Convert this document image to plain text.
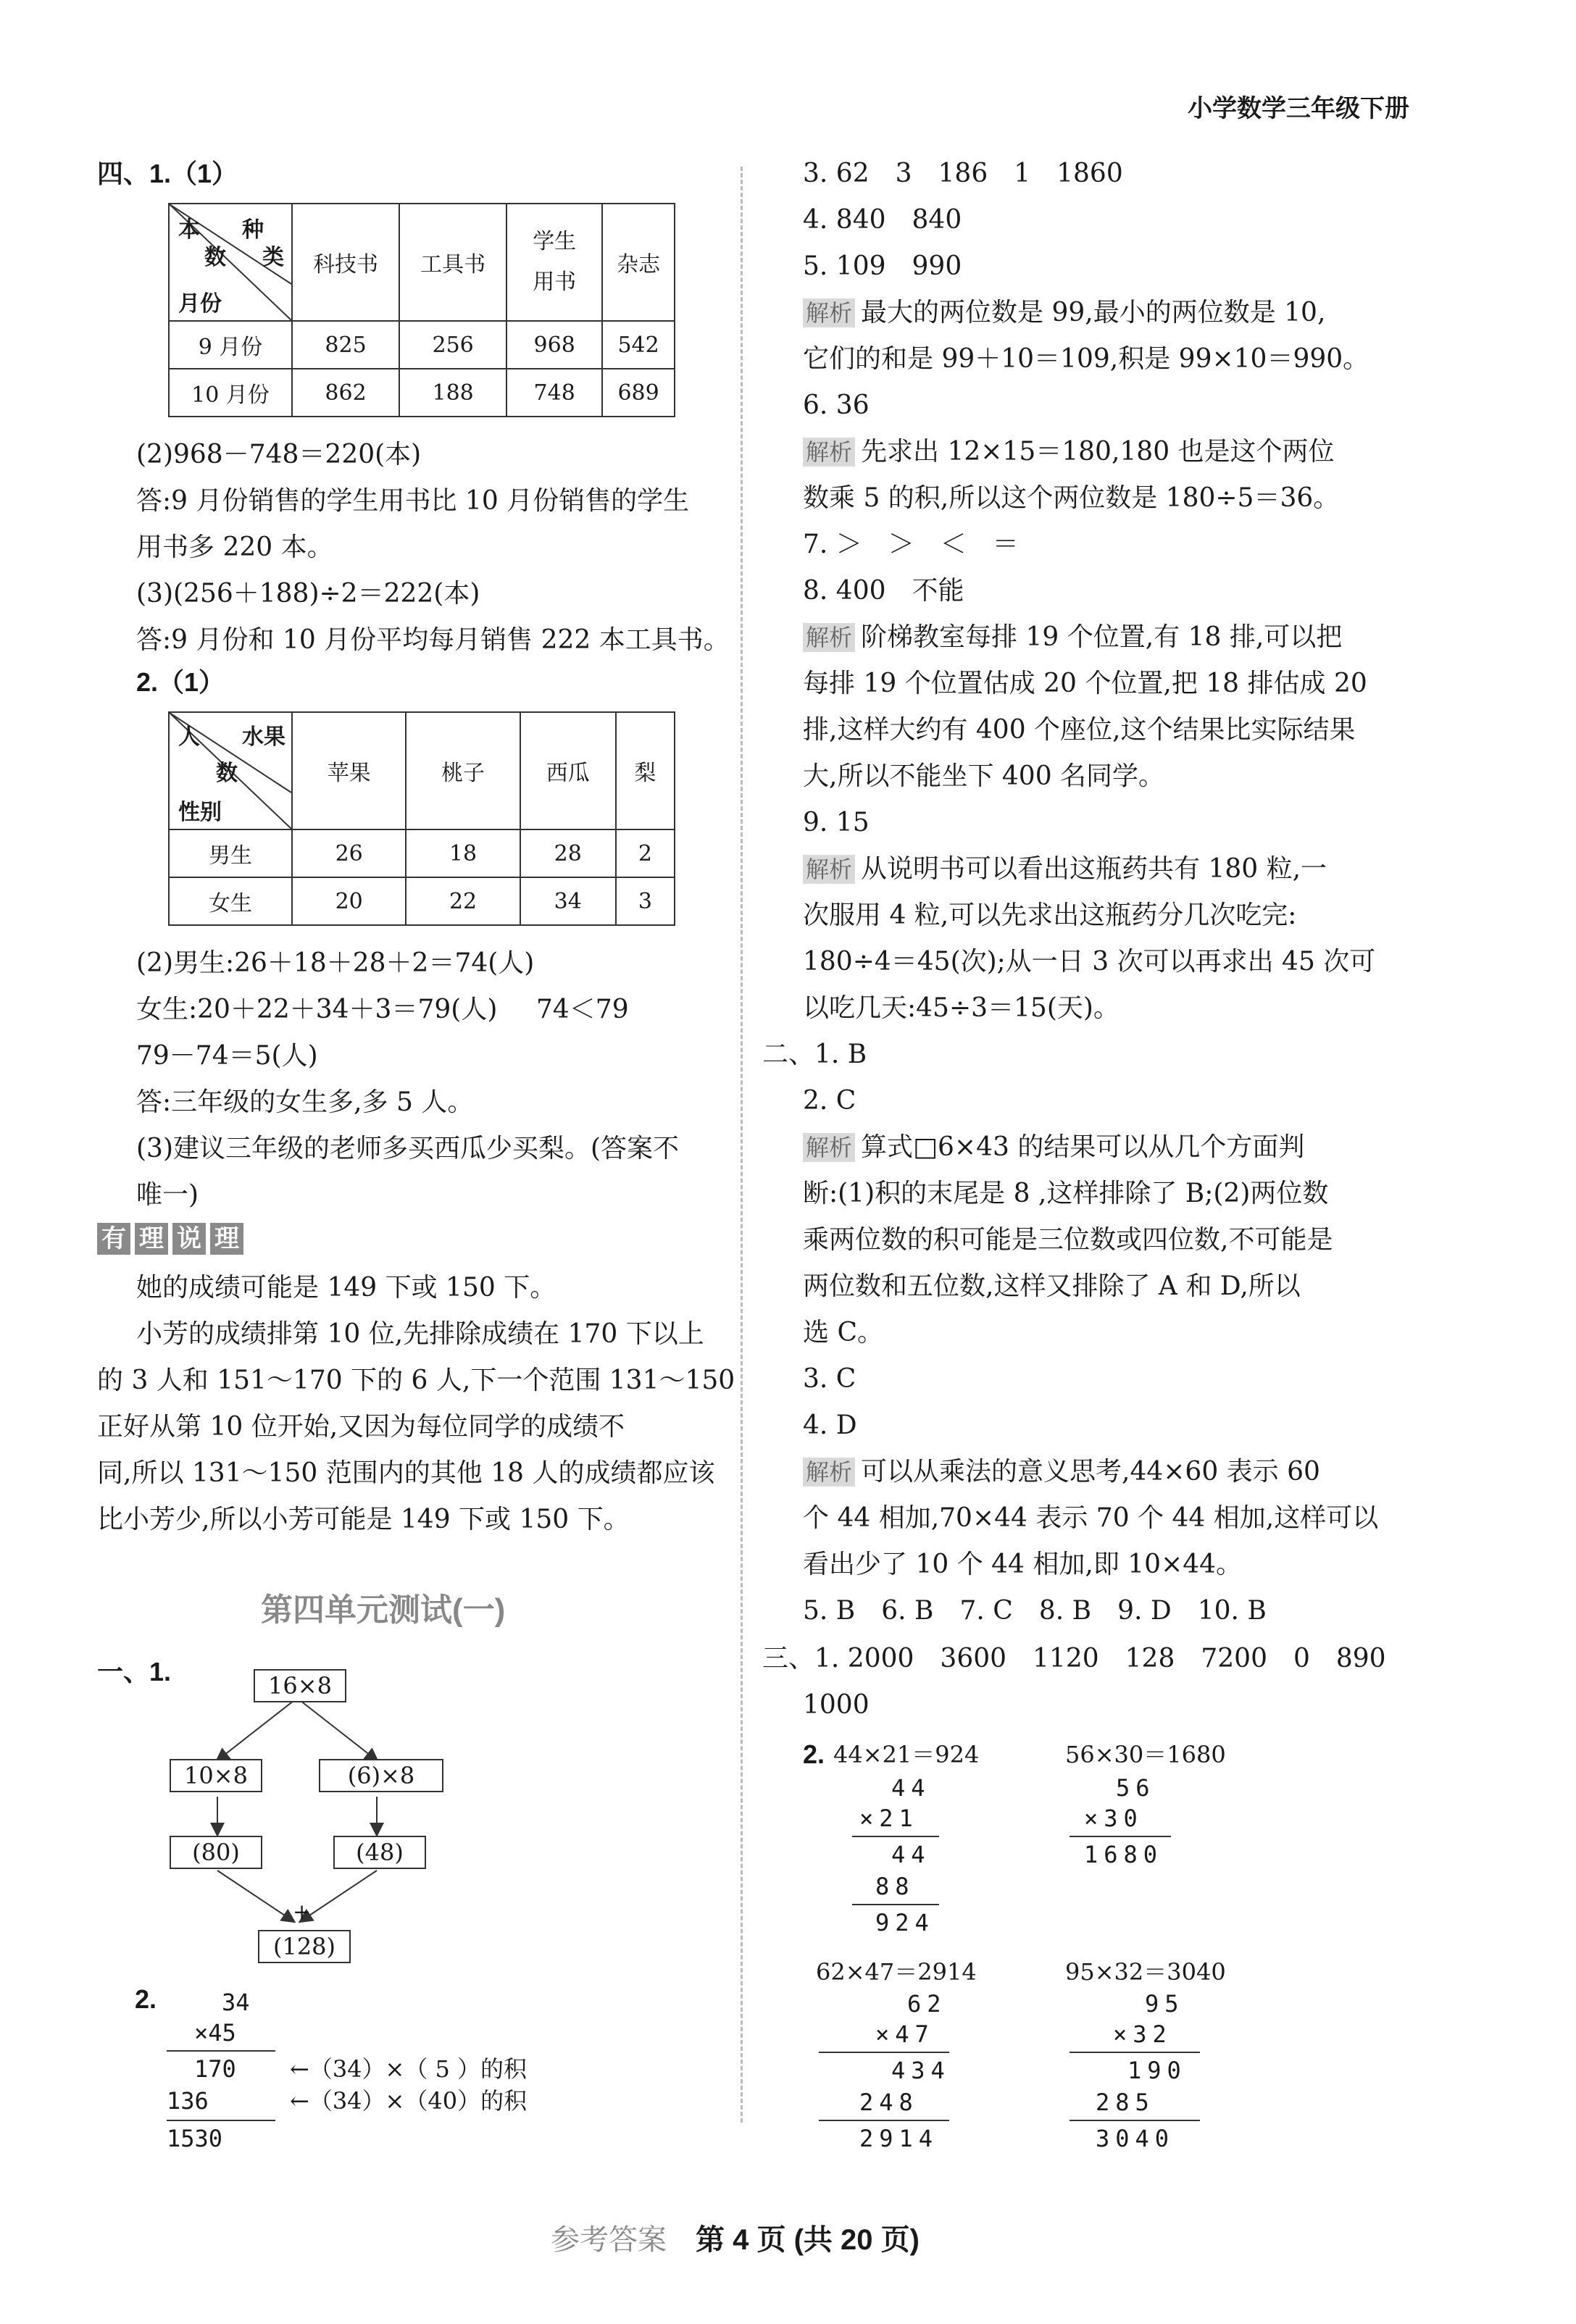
小学数学三年级下册
四、1.（1）
本 种
数 类
月份	科技书	工具书	学生用书	杂志
9 月份	825	256	968	542
10 月份	862	188	748	689
(2)968－748＝220(本)
答:9 月份销售的学生用书比 10 月份销售的学生
用书多 220 本。
(3)(256＋188)÷2＝222(本)
答:9 月份和 10 月份平均每月销售 222 本工具书。
2.（1）
人 水果
数
性别	苹果	桃子	西瓜	梨
男生	26	18	28	2
女生	20	22	34	3
(2)男生:26＋18＋28＋2＝74(人)
女生:20＋22＋34＋3＝79(人) 74＜79
79－74＝5(人)
答:三年级的女生多,多 5 人。
(3)建议三年级的老师多买西瓜少买梨。(答案不
唯一)
有 理 说 理
她的成绩可能是 149 下或 150 下。
小芳的成绩排第 10 位,先排除成绩在 170 下以上
的 3 人和 151～170 下的 6 人,下一个范围 131～150
正好从第 10 位开始,又因为每位同学的成绩不
同,所以 131～150 范围内的其他 18 人的成绩都应该
比小芳少,所以小芳可能是 149 下或 150 下。
第四单元测试(一)
一、1.	16×8
10×8	(6)×8
(80)	(48)
+
(128)
2.	34
×45
170
136
1530
←（34）×（ 5 ）的积
←（34）×（40）的积
3. 62　3　186　1　1860
4. 840　840
5. 109　990
解析 最大的两位数是 99,最小的两位数是 10,
它们的和是 99＋10＝109,积是 99×10＝990。
6. 36
解析 先求出 12×15＝180,180 也是这个两位
数乘 5 的积,所以这个两位数是 180÷5＝36。
7. ＞　＞　＜　＝
8. 400　不能
解析 阶梯教室每排 19 个位置,有 18 排,可以把
每排 19 个位置估成 20 个位置,把 18 排估成 20
排,这样大约有 400 个座位,这个结果比实际结果
大,所以不能坐下 400 名同学。
9. 15
解析 从说明书可以看出这瓶药共有 180 粒,一
次服用 4 粒,可以先求出这瓶药分几次吃完:
180÷4＝45(次);从一日 3 次可以再求出 45 次可
以吃几天:45÷3＝15(天)。
二、1. B
2. C
解析 算式□6×43 的结果可以从几个方面判
断:(1)积的末尾是 8 ,这样排除了 B;(2)两位数
乘两位数的积可能是三位数或四位数,不可能是
两位数和五位数,这样又排除了 A 和 D,所以
选 C。
3. C
4. D
解析 可以从乘法的意义思考,44×60 表示 60
个 44 相加,70×44 表示 70 个 44 相加,这样可以
看出少了 10 个 44 相加,即 10×44。
5. B　6. B　7. C　8. B　9. D　10. B
三、1. 2000　3600　1120　128　7200　0　890
1000
2. 44×21＝924
44
×21
44
88
924
56×30＝1680
56
×30
1680
62×47＝2914
62
×47
434
248
2914
95×32＝3040
95
×32
190
285
3040
参考答案 第 4 页 (共 20 页)
